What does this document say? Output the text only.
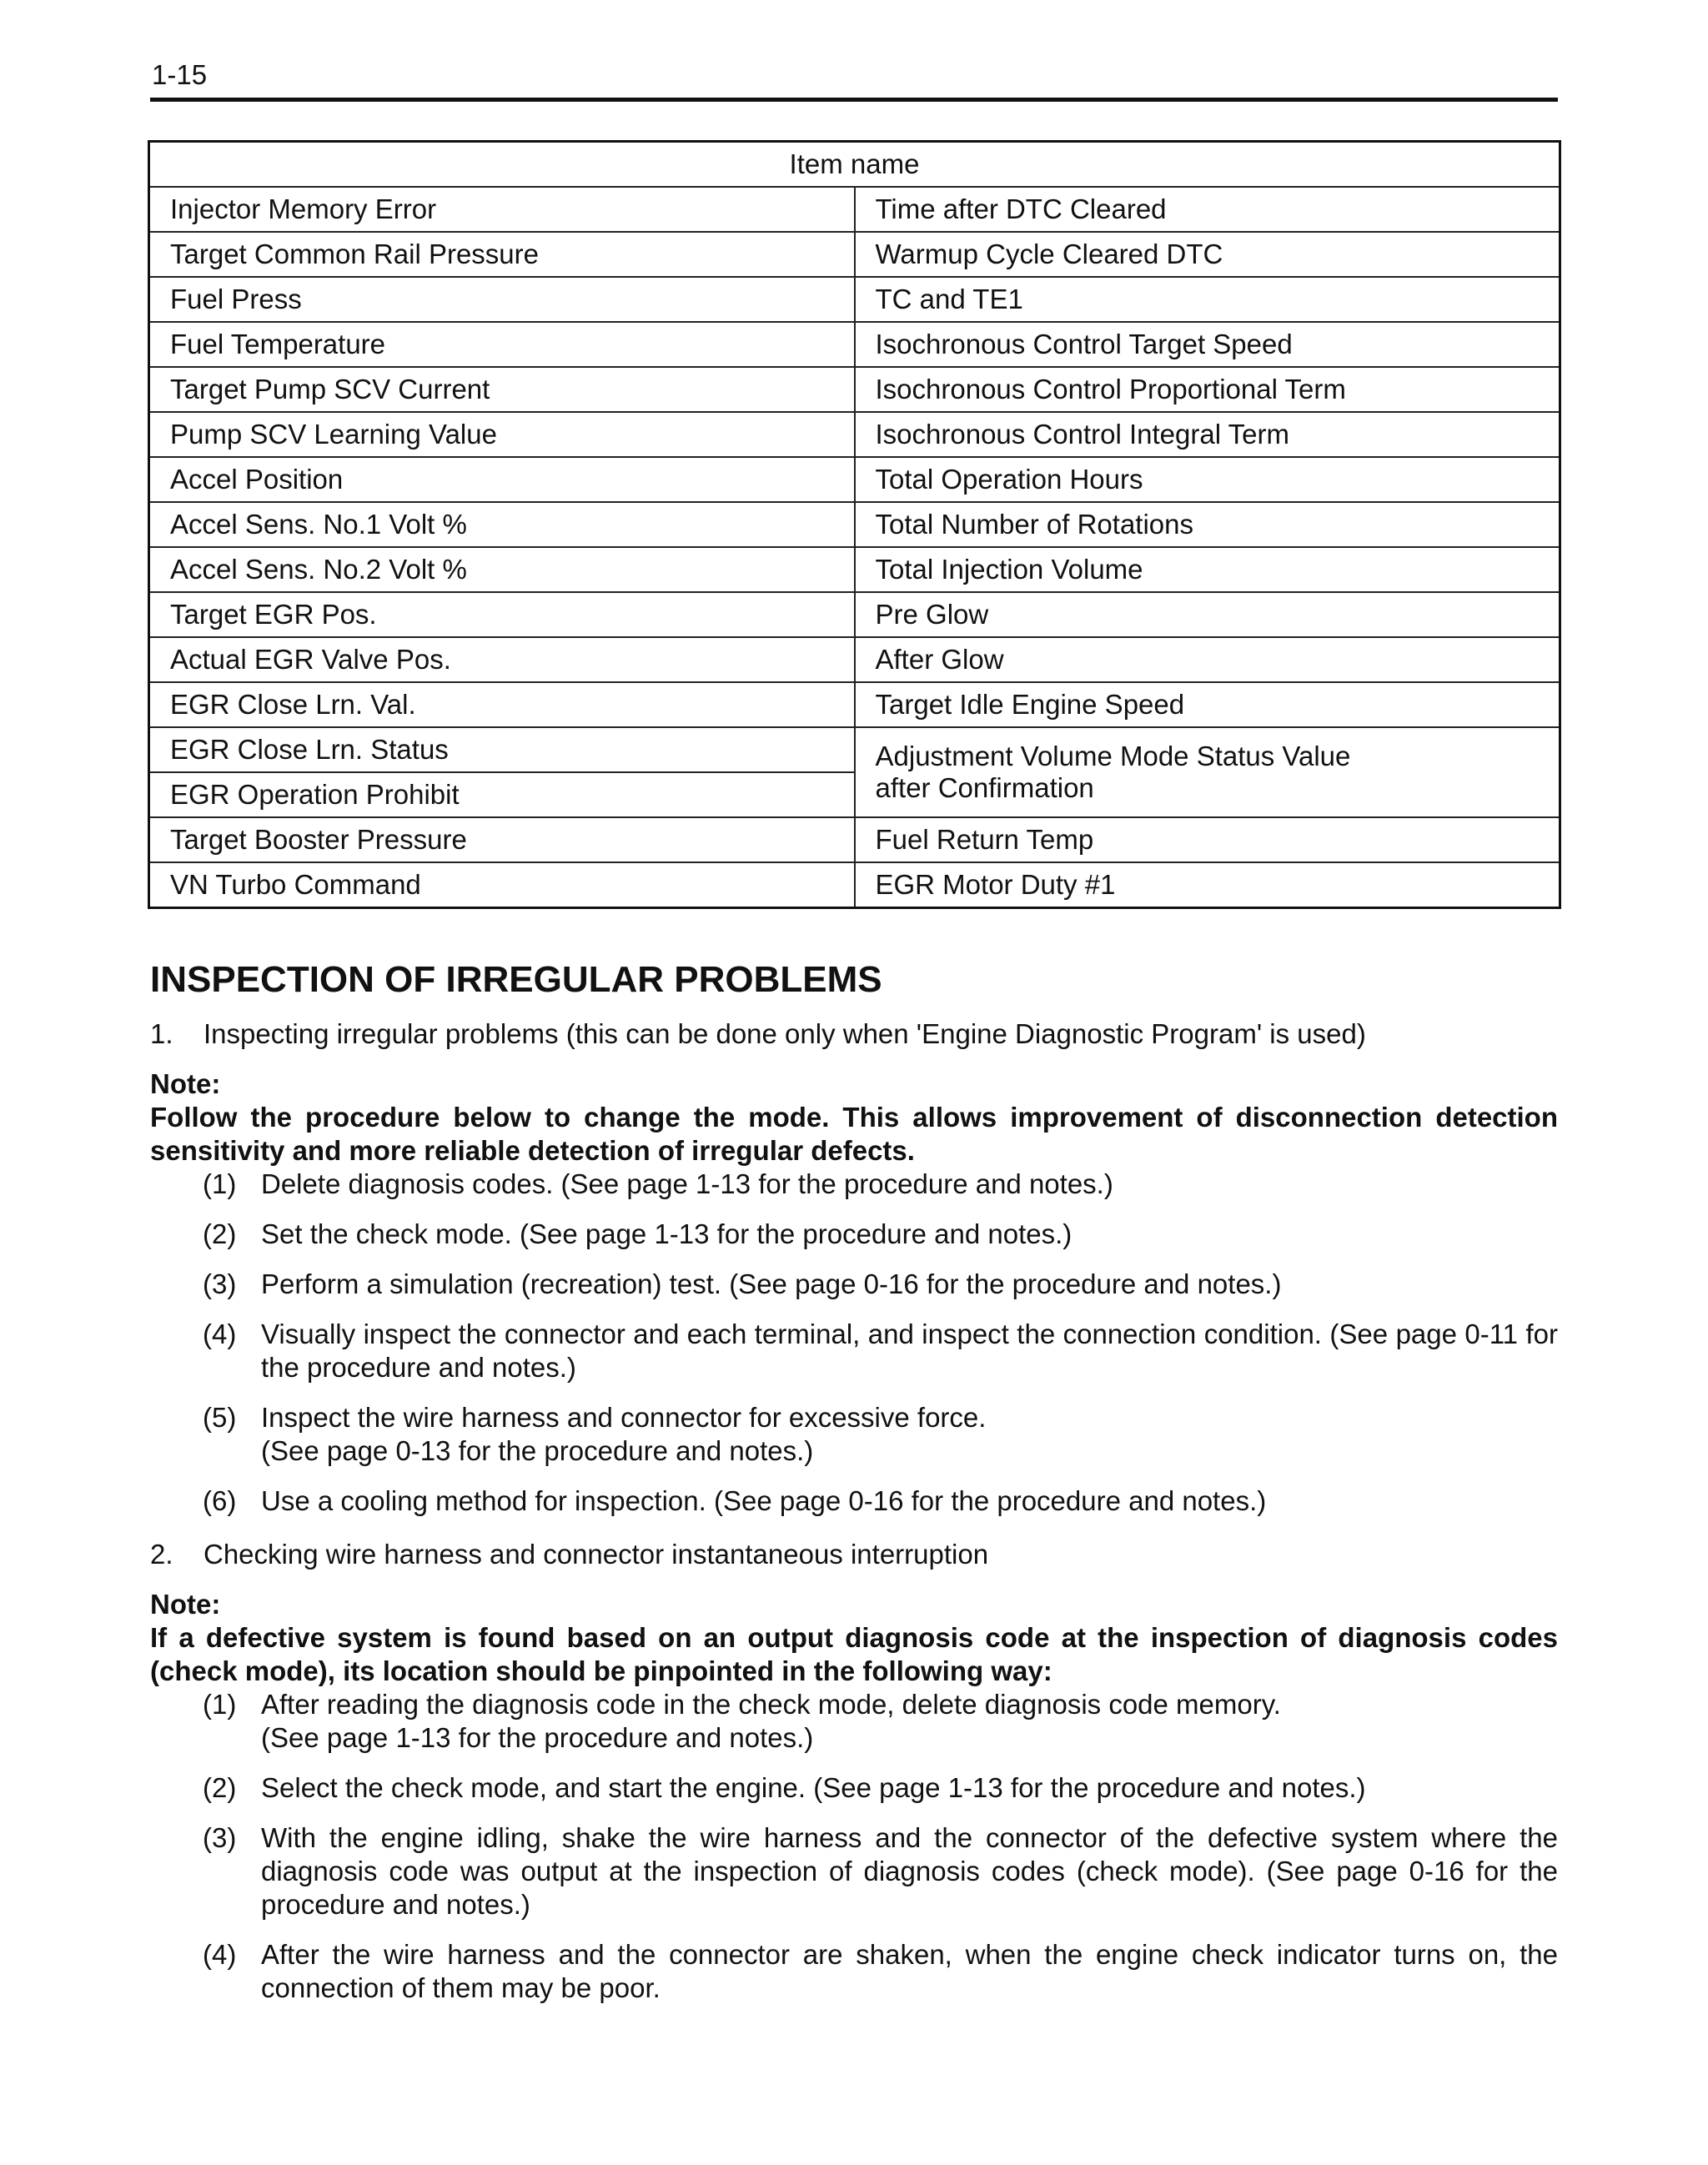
1-15
Item name	
Injector Memory Error	Time after DTC Cleared
Target Common Rail Pressure	Warmup Cycle Cleared DTC
Fuel Press	TC and TE1
Fuel Temperature	Isochronous Control Target Speed
Target Pump SCV Current	Isochronous Control Proportional Term
Pump SCV Learning Value	Isochronous Control Integral Term
Accel Position	Total Operation Hours
Accel Sens. No.1 Volt %	Total Number of Rotations
Accel Sens. No.2 Volt %	Total Injection Volume
Target EGR Pos.	Pre Glow
Actual EGR Valve Pos.	After Glow
EGR Close Lrn. Val.	Target Idle Engine Speed
EGR Close Lrn. Status	Adjustment Volume Mode Status Value
after Confirmation

EGR Operation Prohibit	
Target Booster Pressure	Fuel Return Temp
VN Turbo Command	EGR Motor Duty #1
INSPECTION OF IRREGULAR PROBLEMS
1. Inspecting irregular problems (this can be done only when 'Engine Diagnostic Program' is used)
Note:
Follow the procedure below to change the mode. This allows improvement of disconnection detection sensitivity and more reliable detection of irregular defects.
(1) Delete diagnosis codes. (See page 1-13 for the procedure and notes.)
(2) Set the check mode. (See page 1-13 for the procedure and notes.)
(3) Perform a simulation (recreation) test. (See page 0-16 for the procedure and notes.)
(4) Visually inspect the connector and each terminal, and inspect the connection condition. (See page 0-11 for the procedure and notes.)
(5) Inspect the wire harness and connector for excessive force.
(See page 0-13 for the procedure and notes.)
(6) Use a cooling method for inspection. (See page 0-16 for the procedure and notes.)
2. Checking wire harness and connector instantaneous interruption
Note:
If a defective system is found based on an output diagnosis code at the inspection of diagnosis codes (check mode), its location should be pinpointed in the following way:
(1) After reading the diagnosis code in the check mode, delete diagnosis code memory.
(See page 1-13 for the procedure and notes.)
(2) Select the check mode, and start the engine. (See page 1-13 for the procedure and notes.)
(3) With the engine idling, shake the wire harness and the connector of the defective system where the diagnosis code was output at the inspection of diagnosis codes (check mode). (See page 0-16 for the procedure and notes.)
(4) After the wire harness and the connector are shaken, when the engine check indicator turns on, the connection of them may be poor.
